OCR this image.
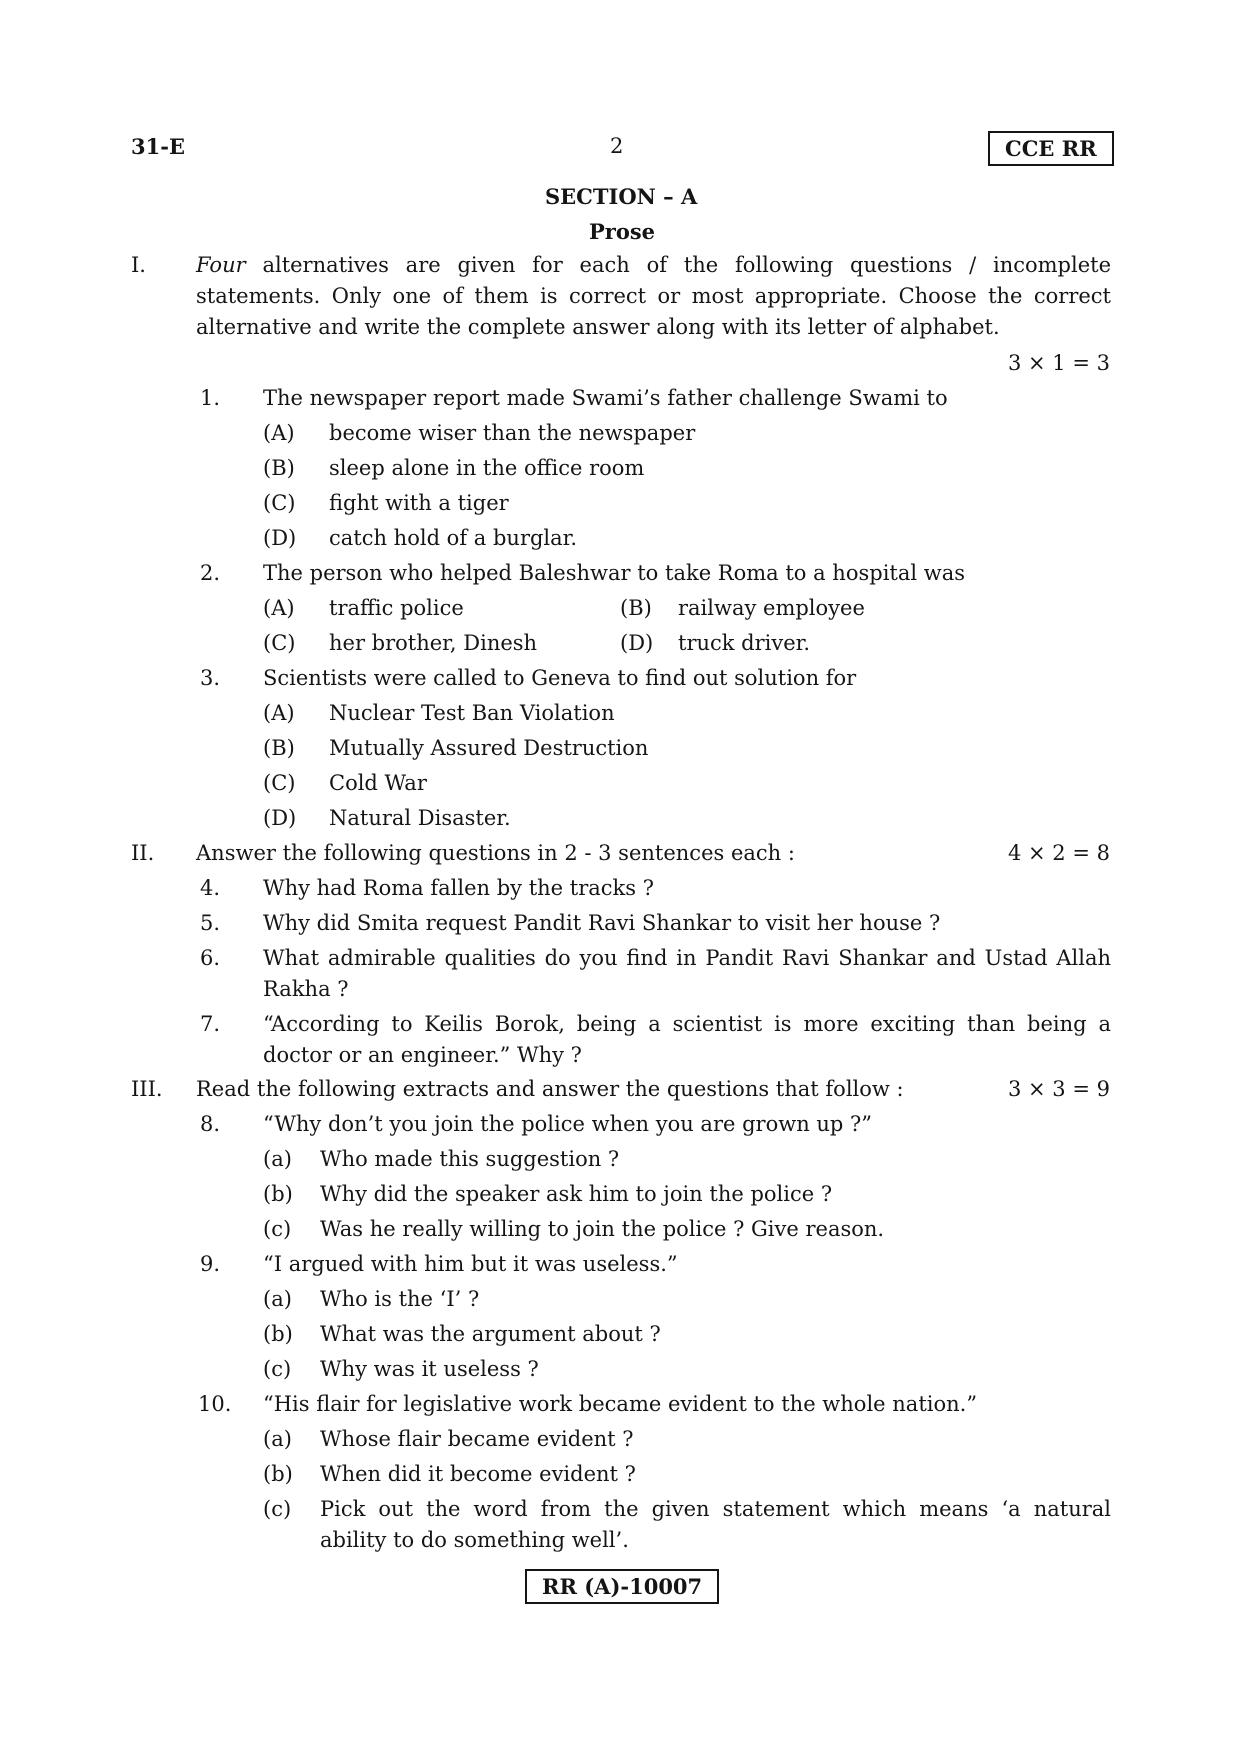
31-E	2	CCE RR
SECTION – A
Prose
I. Four alternatives are given for each of the following questions / incomplete statements. Only one of them is correct or most appropriate. Choose the correct alternative and write the complete answer along with its letter of alphabet.
3 × 1 = 3
1. The newspaper report made Swami’s father challenge Swami to
(A) become wiser than the newspaper
(B) sleep alone in the office room
(C) fight with a tiger
(D) catch hold of a burglar.
2. The person who helped Baleshwar to take Roma to a hospital was
(A) traffic police	(B) railway employee
(C) her brother, Dinesh	(D) truck driver.
3. Scientists were called to Geneva to find out solution for
(A) Nuclear Test Ban Violation
(B) Mutually Assured Destruction
(C) Cold War
(D) Natural Disaster.
II. Answer the following questions in 2 - 3 sentences each :	4 × 2 = 8
4. Why had Roma fallen by the tracks ?
5. Why did Smita request Pandit Ravi Shankar to visit her house ?
6. What admirable qualities do you find in Pandit Ravi Shankar and Ustad Allah Rakha ?
7. “According to Keilis Borok, being a scientist is more exciting than being a doctor or an engineer.” Why ?
III. Read the following extracts and answer the questions that follow :	3 × 3 = 9
8. “Why don’t you join the police when you are grown up ?”
(a) Who made this suggestion ?
(b) Why did the speaker ask him to join the police ?
(c) Was he really willing to join the police ? Give reason.
9. “I argued with him but it was useless.”
(a) Who is the ‘I’ ?
(b) What was the argument about ?
(c) Why was it useless ?
10. “His flair for legislative work became evident to the whole nation.”
(a) Whose flair became evident ?
(b) When did it become evident ?
(c) Pick out the word from the given statement which means ‘a natural ability to do something well’.
RR (A)-10007
